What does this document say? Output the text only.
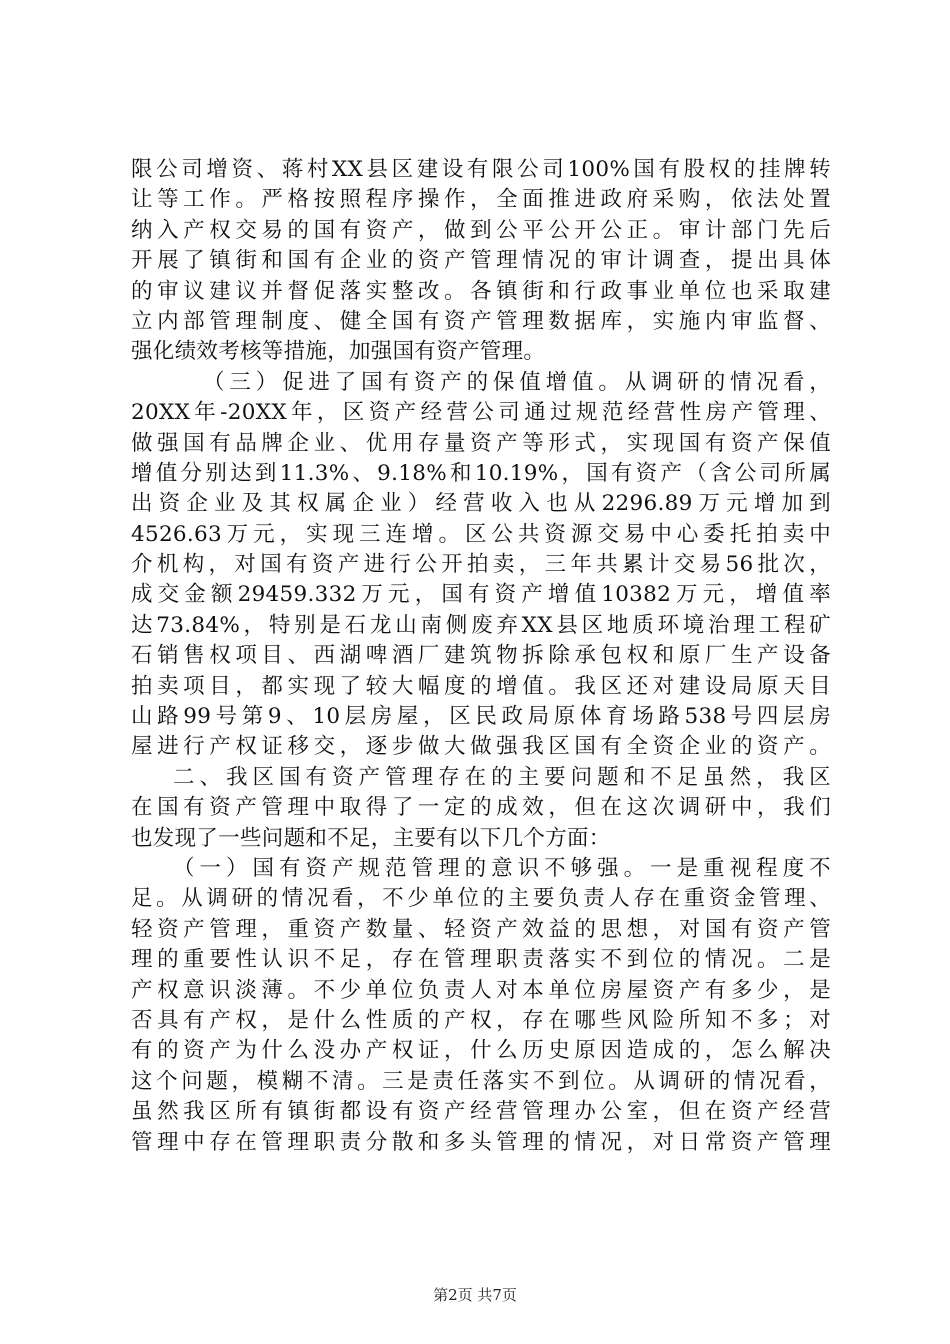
限公司增资、蒋村XX县区建设有限公司100%国有股权的挂牌转
让等工作。严格按照程序操作，全面推进政府采购，依法处置
纳入产权交易的国有资产，做到公平公开公正。审计部门先后
开展了镇街和国有企业的资产管理情况的审计调查，提出具体
的审议建议并督促落实整改。各镇街和行政事业单位也采取建
立内部管理制度、健全国有资产管理数据库，实施内审监督、
强化绩效考核等措施，加强国有资产管理。
（三）促进了国有资产的保值增值。从调研的情况看，
20XX年-20XX年，区资产经营公司通过规范经营性房产管理、
做强国有品牌企业、优用存量资产等形式，实现国有资产保值
增值分别达到11.3%、9.18%和10.19%，国有资产（含公司所属
出资企业及其权属企业）经营收入也从2296.89万元增加到
4526.63万元，实现三连增。区公共资源交易中心委托拍卖中
介机构，对国有资产进行公开拍卖，三年共累计交易56批次，
成交金额29459.332万元，国有资产增值10382万元，增值率
达73.84%，特别是石龙山南侧废弃XX县区地质环境治理工程矿
石销售权项目、西湖啤酒厂建筑物拆除承包权和原厂生产设备
拍卖项目，都实现了较大幅度的增值。我区还对建设局原天目
山路99号第9、10层房屋，区民政局原体育场路538号四层房
屋进行产权证移交，逐步做大做强我区国有全资企业的资产。
二、我区国有资产管理存在的主要问题和不足虽然，我区
在国有资产管理中取得了一定的成效，但在这次调研中，我们
也发现了一些问题和不足，主要有以下几个方面：
（一）国有资产规范管理的意识不够强。一是重视程度不
足。从调研的情况看，不少单位的主要负责人存在重资金管理、
轻资产管理，重资产数量、轻资产效益的思想，对国有资产管
理的重要性认识不足，存在管理职责落实不到位的情况。二是
产权意识淡薄。不少单位负责人对本单位房屋资产有多少，是
否具有产权，是什么性质的产权，存在哪些风险所知不多；对
有的资产为什么没办产权证，什么历史原因造成的，怎么解决
这个问题，模糊不清。三是责任落实不到位。从调研的情况看，
虽然我区所有镇街都设有资产经营管理办公室，但在资产经营
管理中存在管理职责分散和多头管理的情况，对日常资产管理
第2页 共7页
